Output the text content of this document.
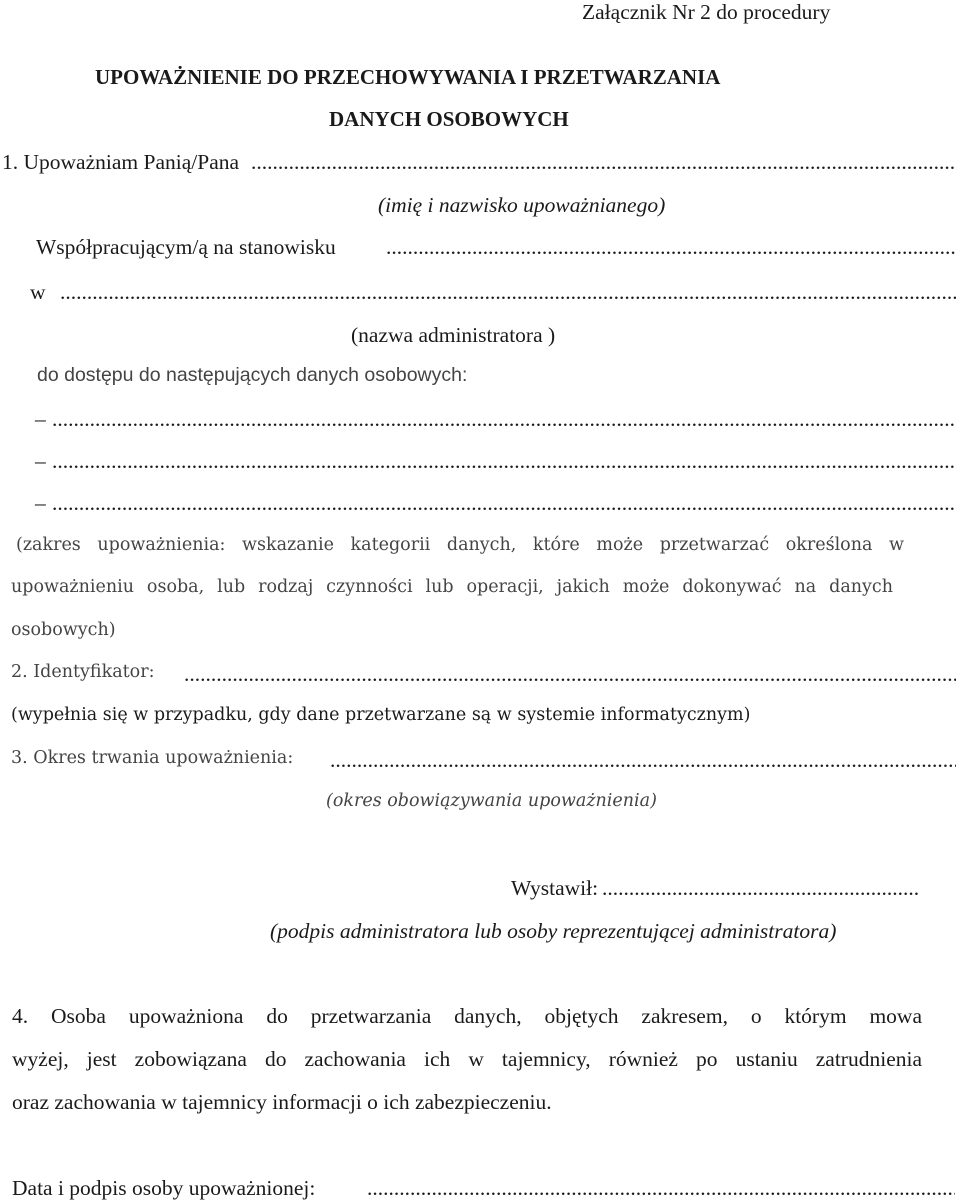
Załącznik Nr 2 do procedury
UPOWAŻNIENIE DO PRZECHOWYWANIA I PRZETWARZANIA
DANYCH OSOBOWYCH
1. Upoważniam Panią/Pana
.....
(imię i nazwisko upoważnianego)
Współpracującym/ą na stanowisku
.....
w
.....
(nazwa administratora )
do dostępu do następujących danych osobowych:
–
.....
–
.....
–
.....
(zakres upoważnienia: wskazanie kategorii danych, które może przetwarzać określona w
upoważnieniu osoba, lub rodzaj czynności lub operacji, jakich może dokonywać na danych
osobowych)
2. Identyfikator:
.....
(wypełnia się w przypadku, gdy dane przetwarzane są w systemie informatycznym)
3. Okres trwania upoważnienia:
.....
(okres obowiązywania upoważnienia)
Wystawił:
.....
(podpis administratora lub osoby reprezentującej administratora)
4. Osoba upoważniona do przetwarzania danych, objętych zakresem, o którym mowa
wyżej, jest zobowiązana do zachowania ich w tajemnicy, również po ustaniu zatrudnienia
oraz zachowania w tajemnicy informacji o ich zabezpieczeniu.
Data i podpis osoby upoważnionej:
.....
